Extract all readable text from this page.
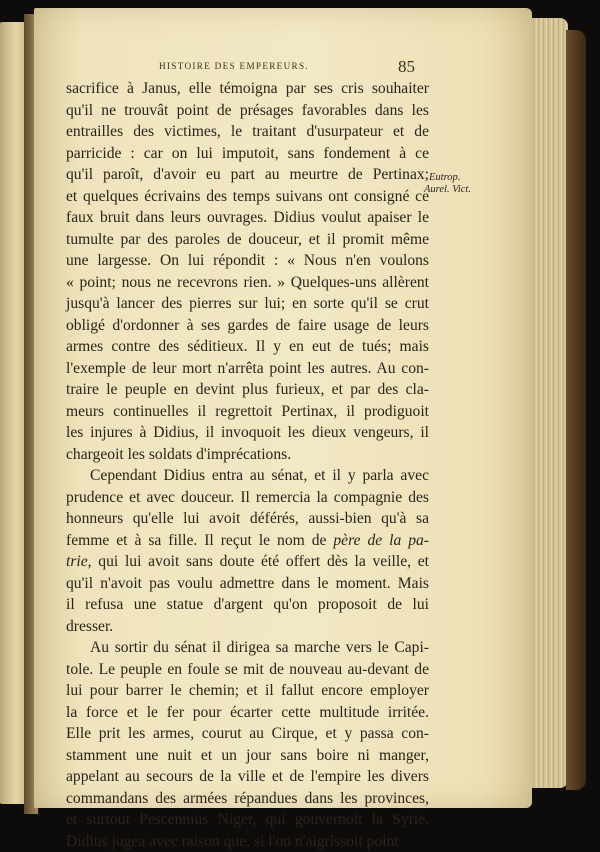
HISTOIRE DES EMPEREURS.	85
sacrifice à Janus, elle témoigna par ses cris souhaiter
qu'il ne trouvât point de présages favorables dans les
entrailles des victimes, le traitant d'usurpateur et de
parricide : car on lui imputoit, sans fondement à ce
qu'il paroît, d'avoir eu part au meurtre de Pertinax;
et quelques écrivains des temps suivans ont consigné ce
faux bruit dans leurs ouvrages. Didius voulut apaiser le
tumulte par des paroles de douceur, et il promit même
une largesse. On lui répondit : « Nous n'en voulons
« point; nous ne recevrons rien. » Quelques-uns allèrent
jusqu'à lancer des pierres sur lui; en sorte qu'il se crut
obligé d'ordonner à ses gardes de faire usage de leurs
armes contre des séditieux. Il y en eut de tués; mais
l'exemple de leur mort n'arrêta point les autres. Au con-
traire le peuple en devint plus furieux, et par des cla-
meurs continuelles il regrettoit Pertinax, il prodiguoit
les injures à Didius, il invoquoit les dieux vengeurs, il
chargeoit les soldats d'imprécations.
Cependant Didius entra au sénat, et il y parla avec
prudence et avec douceur. Il remercia la compagnie des
honneurs qu'elle lui avoit déférés, aussi-bien qu'à sa
femme et à sa fille. Il reçut le nom de père de la pa-
trie, qui lui avoit sans doute été offert dès la veille, et
qu'il n'avoit pas voulu admettre dans le moment. Mais
il refusa une statue d'argent qu'on proposoit de lui
dresser.
Au sortir du sénat il dirigea sa marche vers le Capi-
tole. Le peuple en foule se mit de nouveau au-devant de
lui pour barrer le chemin; et il fallut encore employer
la force et le fer pour écarter cette multitude irritée.
Elle prit les armes, courut au Cirque, et y passa con-
stamment une nuit et un jour sans boire ni manger,
appelant au secours de la ville et de l'empire les divers
commandans des armées répandues dans les provinces,
et surtout Pescennius Niger, qui gouvernoit la Syrie.
Didius jugea avec raison que, si l'on n'aigrissoit point
Eutrop.
Aurel. Vict.
